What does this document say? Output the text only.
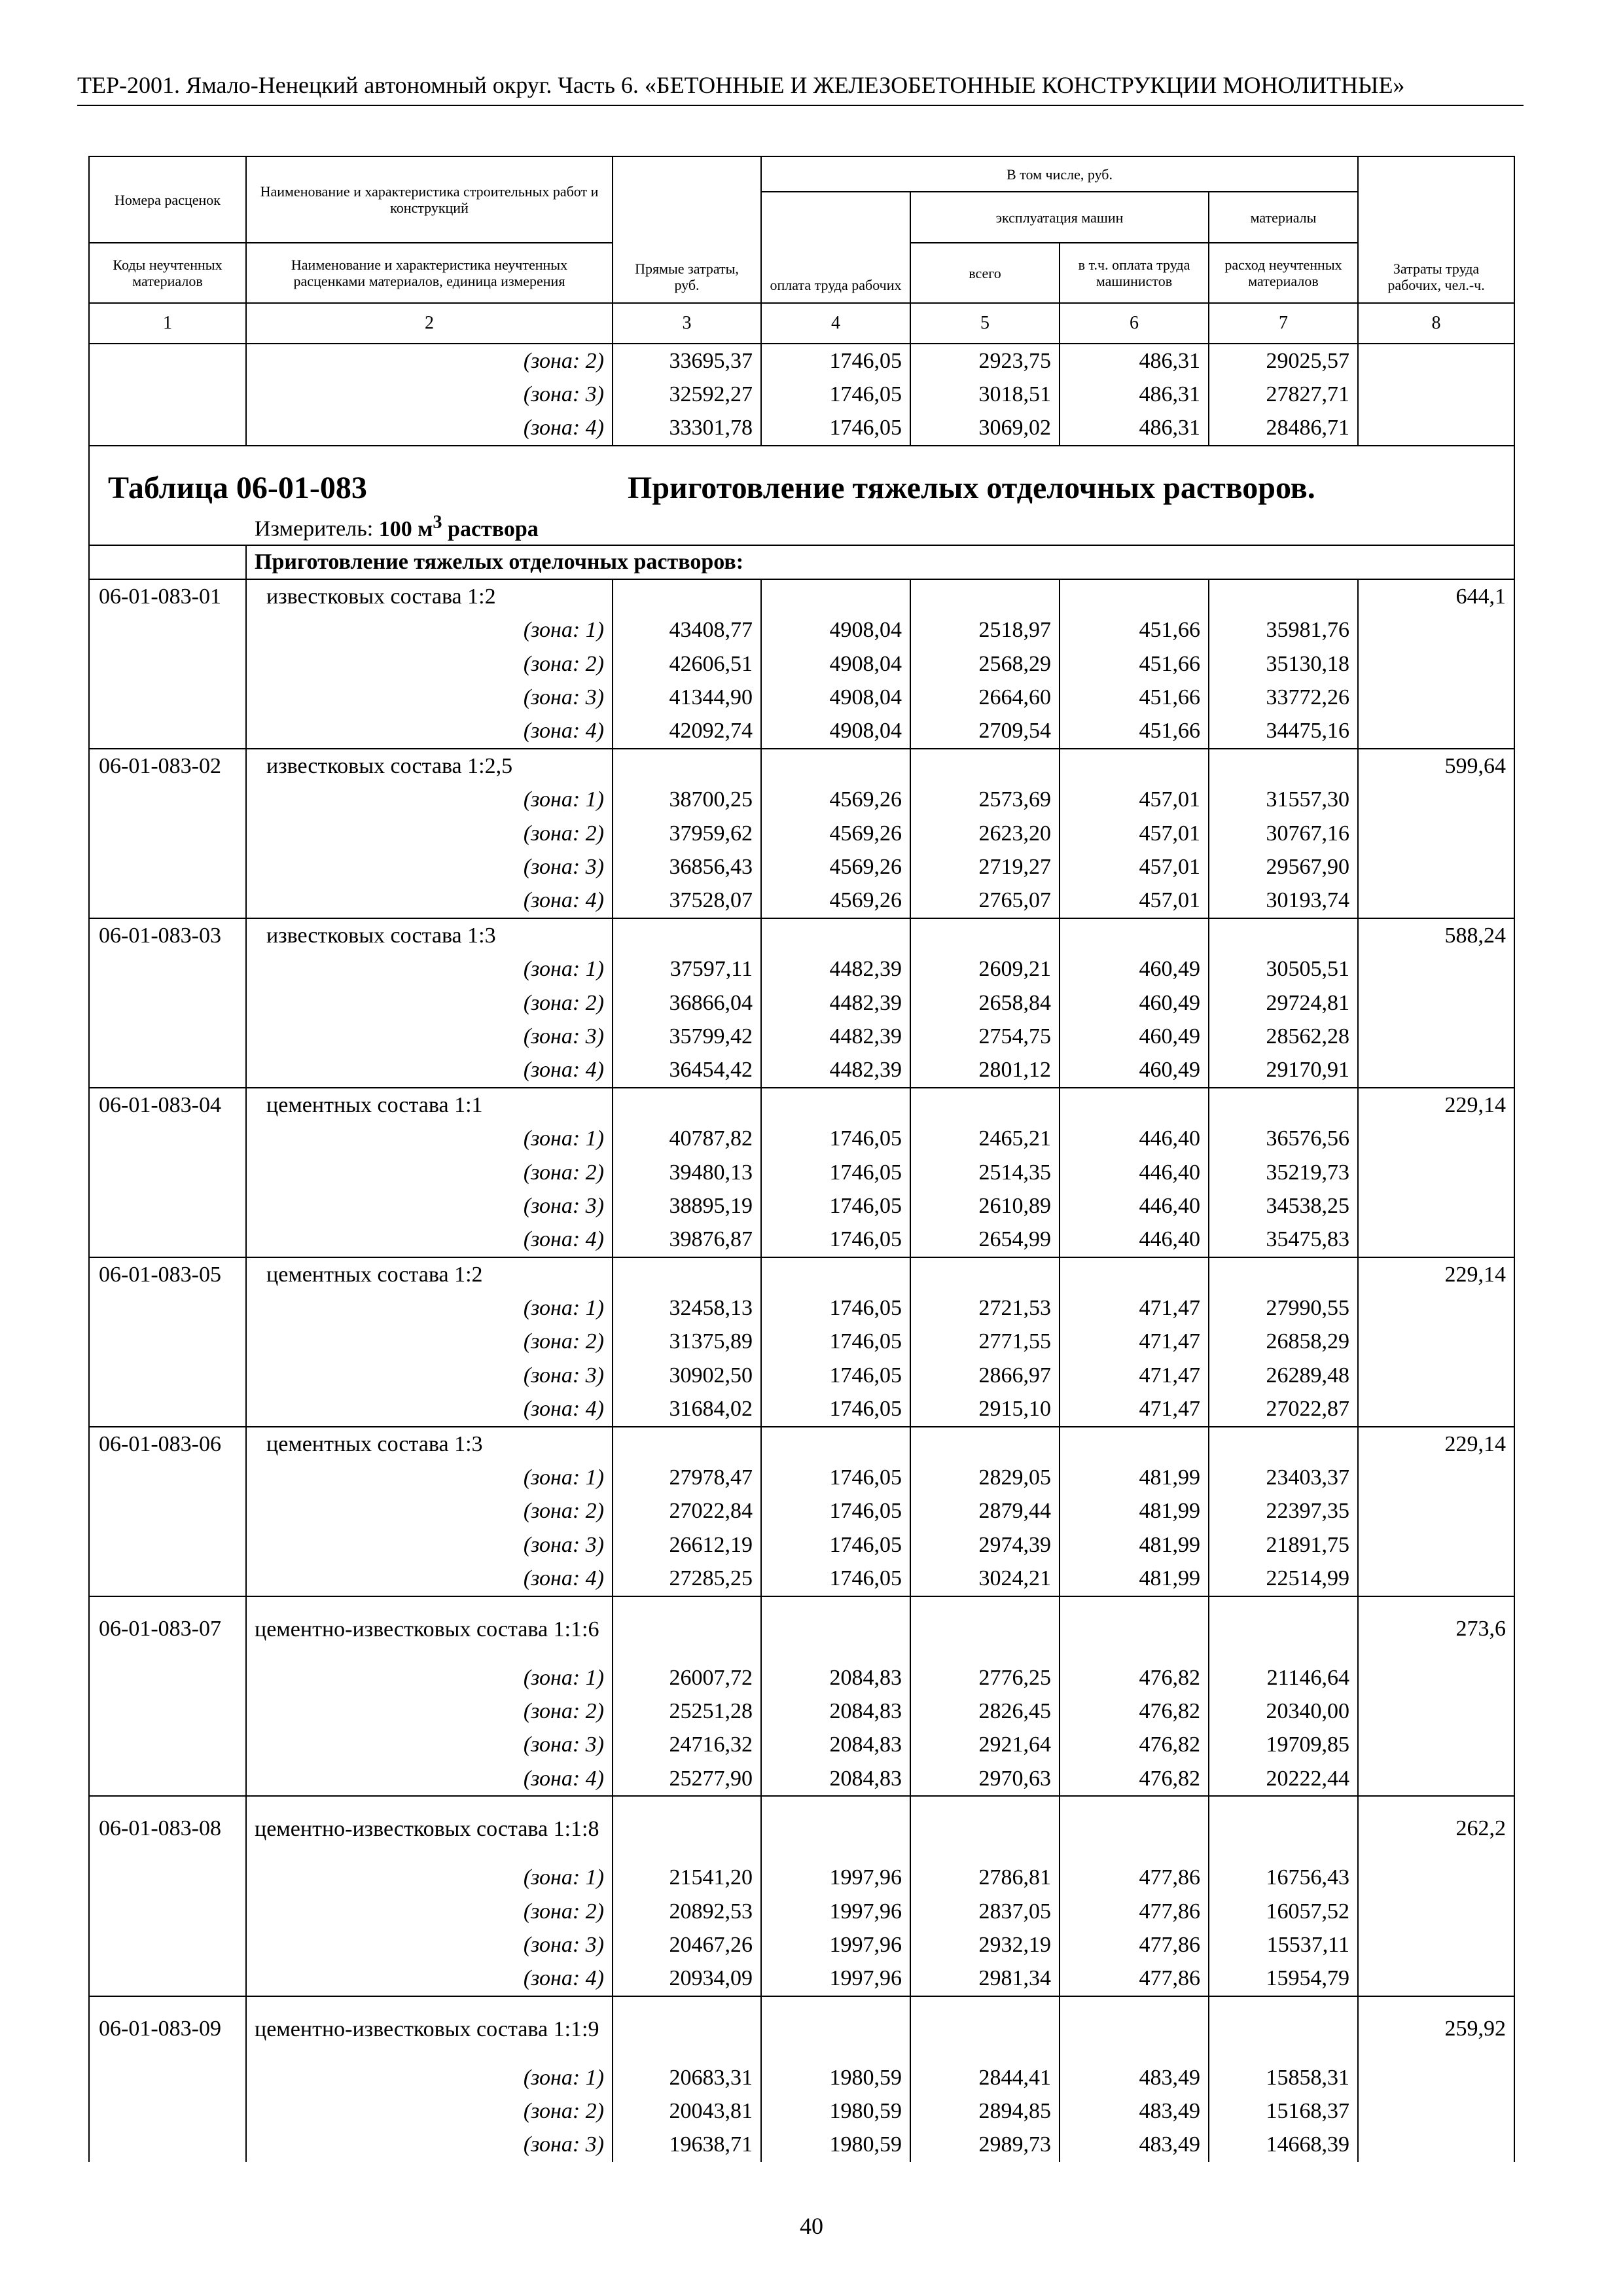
ТЕР-2001. Ямало-Ненецкий автономный округ. Часть 6. «БЕТОННЫЕ И ЖЕЛЕЗОБЕТОННЫЕ КОНСТРУКЦИИ МОНОЛИТНЫЕ»
Номера расценок	Наименование и характеристика строительных работ и конструкций	Прямые затраты, руб.	В том числе, руб.				Затраты труда рабочих, чел.-ч.
			оплата труда рабочих	эксплуатация машин		материалы	
Коды неучтенных материалов	Наименование и характеристика неучтенных расценками материалов, единица измерения			всего	в т.ч. оплата труда машинистов	расход неучтенных материалов	
1	2	3	4	5	6	7	8
	(зона: 2)	33695,37	1746,05	2923,75	486,31	29025,57	
	(зона: 3)	32592,27	1746,05	3018,51	486,31	27827,71	
	(зона: 4)	33301,78	1746,05	3069,02	486,31	28486,71	

Таблица 06-01-083 Приготовление тяжелых отделочных растворов.
Измеритель: 100 $м^3$ раствора							

	Приготовление тяжелых отделочных растворов:						
06-01-083-01	известковых состава 1:2						644,1
	(зона: 1)	43408,77	4908,04	2518,97	451,66	35981,76	
	(зона: 2)	42606,51	4908,04	2568,29	451,66	35130,18	
	(зона: 3)	41344,90	4908,04	2664,60	451,66	33772,26	
	(зона: 4)	42092,74	4908,04	2709,54	451,66	34475,16	
06-01-083-02	известковых состава 1:2,5						599,64
	(зона: 1)	38700,25	4569,26	2573,69	457,01	31557,30	
	(зона: 2)	37959,62	4569,26	2623,20	457,01	30767,16	
	(зона: 3)	36856,43	4569,26	2719,27	457,01	29567,90	
	(зона: 4)	37528,07	4569,26	2765,07	457,01	30193,74	
06-01-083-03	известковых состава 1:3						588,24
	(зона: 1)	37597,11	4482,39	2609,21	460,49	30505,51	
	(зона: 2)	36866,04	4482,39	2658,84	460,49	29724,81	
	(зона: 3)	35799,42	4482,39	2754,75	460,49	28562,28	
	(зона: 4)	36454,42	4482,39	2801,12	460,49	29170,91	
06-01-083-04	цементных состава 1:1						229,14
	(зона: 1)	40787,82	1746,05	2465,21	446,40	36576,56	
	(зона: 2)	39480,13	1746,05	2514,35	446,40	35219,73	
	(зона: 3)	38895,19	1746,05	2610,89	446,40	34538,25	
	(зона: 4)	39876,87	1746,05	2654,99	446,40	35475,83	
06-01-083-05	цементных состава 1:2						229,14
	(зона: 1)	32458,13	1746,05	2721,53	471,47	27990,55	
	(зона: 2)	31375,89	1746,05	2771,55	471,47	26858,29	
	(зона: 3)	30902,50	1746,05	2866,97	471,47	26289,48	
	(зона: 4)	31684,02	1746,05	2915,10	471,47	27022,87	
06-01-083-06	цементных состава 1:3						229,14
	(зона: 1)	27978,47	1746,05	2829,05	481,99	23403,37	
	(зона: 2)	27022,84	1746,05	2879,44	481,99	22397,35	
	(зона: 3)	26612,19	1746,05	2974,39	481,99	21891,75	
	(зона: 4)	27285,25	1746,05	3024,21	481,99	22514,99	
06-01-083-07	цементно-известковых состава 1:1:6						273,6
	(зона: 1)	26007,72	2084,83	2776,25	476,82	21146,64	
	(зона: 2)	25251,28	2084,83	2826,45	476,82	20340,00	
	(зона: 3)	24716,32	2084,83	2921,64	476,82	19709,85	
	(зона: 4)	25277,90	2084,83	2970,63	476,82	20222,44	
06-01-083-08	цементно-известковых состава 1:1:8						262,2
	(зона: 1)	21541,20	1997,96	2786,81	477,86	16756,43	
	(зона: 2)	20892,53	1997,96	2837,05	477,86	16057,52	
	(зона: 3)	20467,26	1997,96	2932,19	477,86	15537,11	
	(зона: 4)	20934,09	1997,96	2981,34	477,86	15954,79	
06-01-083-09	цементно-известковых состава 1:1:9						259,92
	(зона: 1)	20683,31	1980,59	2844,41	483,49	15858,31	
	(зона: 2)	20043,81	1980,59	2894,85	483,49	15168,37	
	(зона: 3)	19638,71	1980,59	2989,73	483,49	14668,39	
40
